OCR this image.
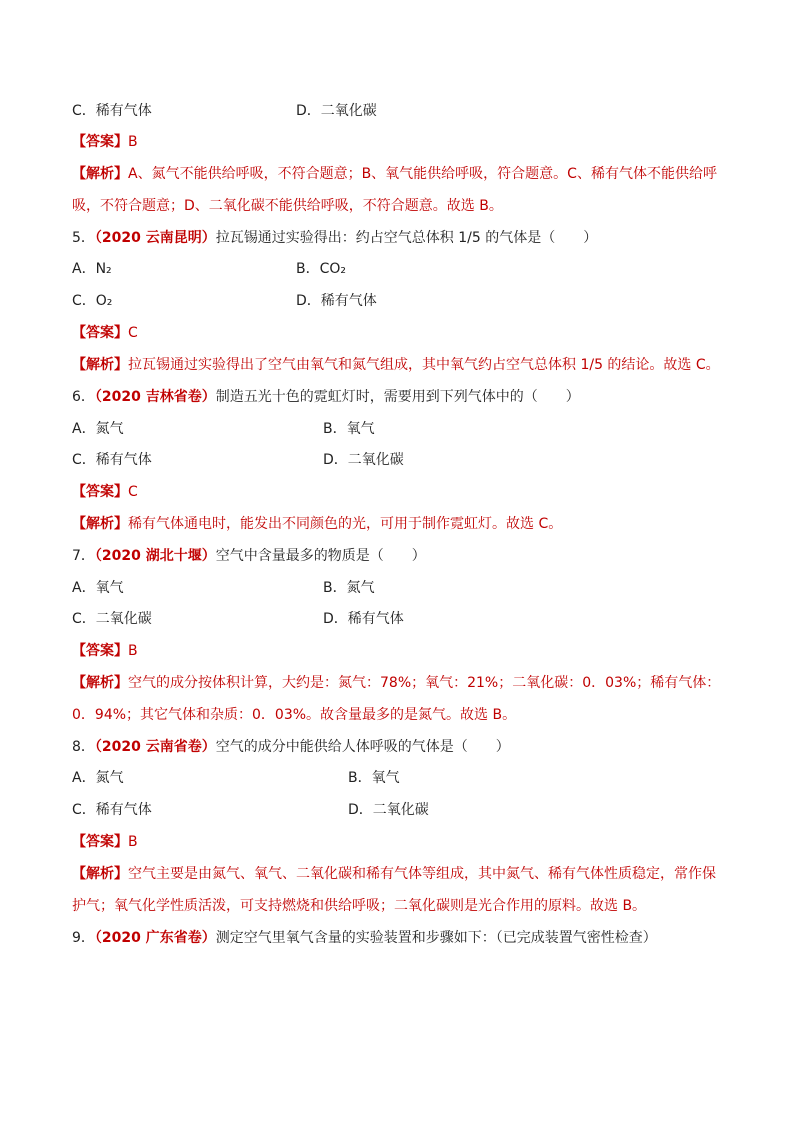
C．稀有气体	D．二氧化碳
【答案】B
【解析】A、氮气不能供给呼吸，不符合题意；B、氧气能供给呼吸，符合题意。C、稀有气体不能供给呼
吸，不符合题意；D、二氧化碳不能供给呼吸，不符合题意。故选 B。
5．（2020 云南昆明）拉瓦锡通过实验得出：约占空气总体积 1/5 的气体是（　　）
A．N₂	B．CO₂
C．O₂	D．稀有气体
【答案】C
【解析】拉瓦锡通过实验得出了空气由氧气和氮气组成，其中氧气约占空气总体积 1/5 的结论。故选 C。
6．（2020 吉林省卷）制造五光十色的霓虹灯时，需要用到下列气体中的（　　）
A．氮气	B．氧气
C．稀有气体	D．二氧化碳
【答案】C
【解析】稀有气体通电时，能发出不同颜色的光，可用于制作霓虹灯。故选 C。
7．（2020 湖北十堰）空气中含量最多的物质是（　　）
A．氧气	B．氮气
C．二氧化碳	D．稀有气体
【答案】B
【解析】空气的成分按体积计算，大约是：氮气：78%；氧气：21%；二氧化碳：0．03%；稀有气体：
0．94%；其它气体和杂质：0．03%。故含量最多的是氮气。故选 B。
8．（2020 云南省卷）空气的成分中能供给人体呼吸的气体是（　　）
A．氮气	B．氧气
C．稀有气体	D．二氧化碳
【答案】B
【解析】空气主要是由氮气、氧气、二氧化碳和稀有气体等组成，其中氮气、稀有气体性质稳定，常作保
护气；氧气化学性质活泼，可支持燃烧和供给呼吸；二氧化碳则是光合作用的原料。故选 B。
9．（2020 广东省卷）测定空气里氧气含量的实验装置和步骤如下：（已完成装置气密性检查）
